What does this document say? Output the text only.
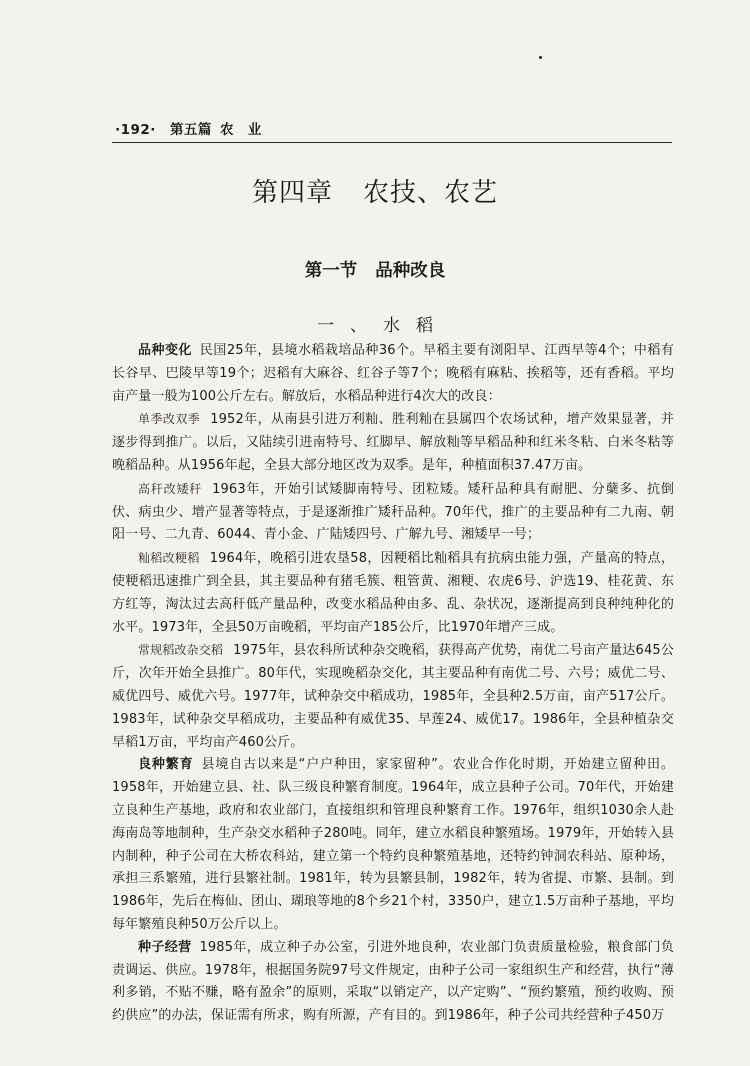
·192· 第五篇 农　业
第四章 农技、农艺
第一节 品种改良
一、水稻

品种变化 民国25年，县境水稻栽培品种36个。早稻主要有浏阳早、江西早等4个；中稻有长谷早、巴陵早等19个；迟稻有大麻谷、红谷子等7个；晚稻有麻粘、挨稻等，还有香稻。平均亩产量一般为100公斤左右。解放后，水稻品种进行4次大的改良：

单季改双季 1952年，从南县引进万利籼、胜利籼在县属四个农场试种，增产效果显著，并逐步得到推广。以后，又陆续引进南特号、红脚早、解放籼等早稻品种和红米冬粘、白米冬粘等晚稻品种。从1956年起，全县大部分地区改为双季。是年，种植面积37.47万亩。

高秆改矮秆 1963年，开始引试矮脚南特号、团粒矮。矮秆品种具有耐肥、分蘖多、抗倒伏、病虫少、增产显著等特点，于是逐渐推广矮秆品种。70年代，推广的主要品种有二九南、朝阳一号、二九青、6044、青小金、广陆矮四号、广解九号、湘矮早一号；

籼稻改粳稻 1964年，晚稻引进农垦58，因粳稻比籼稻具有抗病虫能力强，产量高的特点，使粳稻迅速推广到全县，其主要品种有猪毛簇、粗管黄、湘粳、农虎6号、沪选19、桂花黄、东方红等，淘汰过去高秆低产量品种，改变水稻品种由多、乱、杂状况，逐渐提高到良种纯种化的水平。1973年，全县50万亩晚稻，平均亩产185公斤，比1970年增产三成。

常规稻改杂交稻 1975年，县农科所试种杂交晚稻，获得高产优势，南优二号亩产量达645公斤，次年开始全县推广。80年代，实现晚稻杂交化，其主要品种有南优二号、六号；威优二号、威优四号、威优六号。1977年，试种杂交中稻成功，1985年，全县种2.5万亩，亩产517公斤。1983年，试种杂交早稻成功，主要品种有威优35、早莲24、威优17。1986年，全县种植杂交早稻1万亩，平均亩产460公斤。

良种繁育 县境自古以来是“户户种田，家家留种”。农业合作化时期，开始建立留种田。1958年，开始建立县、社、队三级良种繁育制度。1964年，成立县种子公司。70年代，开始建立良种生产基地，政府和农业部门，直接组织和管理良种繁育工作。1976年，组织1030余人赴海南岛等地制种，生产杂交水稻种子280吨。同年，建立水稻良种繁殖场。1979年，开始转入县内制种，种子公司在大桥农科站，建立第一个特约良种繁殖基地，还特约钟洞农科站、原种场，承担三系繁殖，进行县繁社制。1981年，转为县繁县制，1982年，转为省提、市繁、县制。到1986年，先后在梅仙、团山、瑚琅等地的8个乡21个村，3350户，建立1.5万亩种子基地，平均每年繁殖良种50万公斤以上。

种子经营 1985年，成立种子办公室，引进外地良种，农业部门负责质量检验，粮食部门负责调运、供应。1978年，根据国务院97号文件规定，由种子公司一家组织生产和经营，执行“薄利多销，不贴不赚，略有盈余”的原则，采取“以销定产，以产定购”、“预约繁殖，预约收购、预约供应”的办法，保证需有所求，购有所源，产有目的。到1986年，种子公司共经营种子450万
